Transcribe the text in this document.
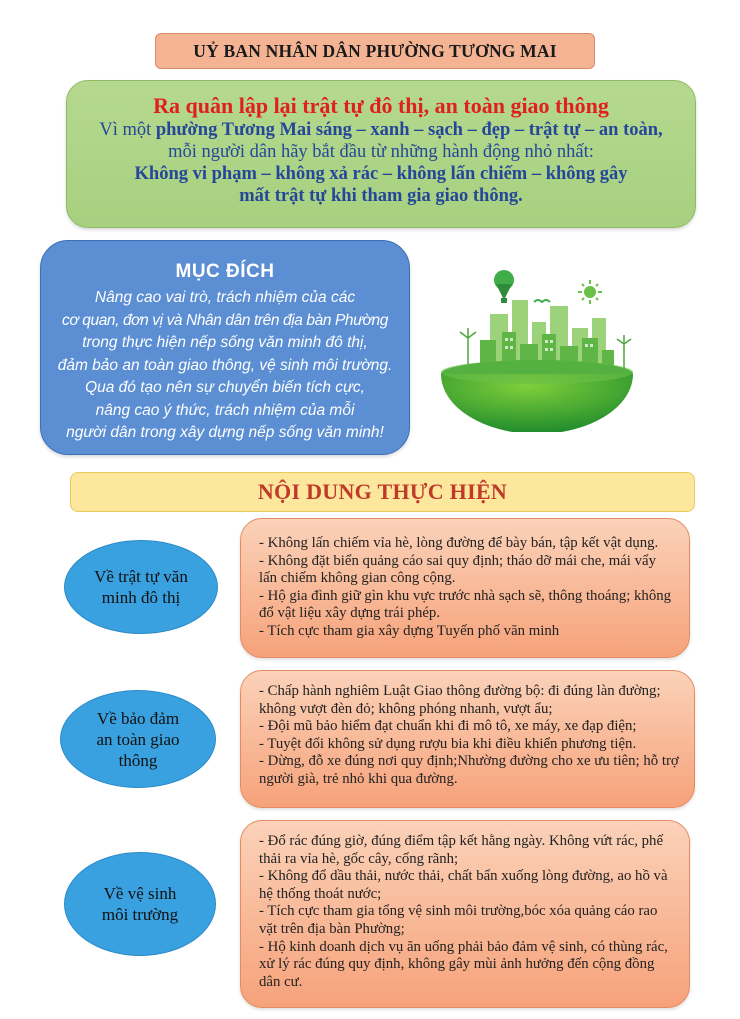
UỶ BAN NHÂN DÂN PHƯỜNG TƯƠNG MAI
Ra quân lập lại trật tự đô thị, an toàn giao thông
Vì một phường Tương Mai sáng – xanh – sạch – đẹp – trật tự – an toàn,
mỗi người dân hãy bắt đầu từ những hành động nhỏ nhất:
Không vi phạm – không xả rác – không lấn chiếm – không gây
mất trật tự khi tham gia giao thông.
MỤC ĐÍCH
Nâng cao vai trò, trách nhiệm của các
cơ quan, đơn vị và Nhân dân trên địa bàn Phường
trong thực hiện nếp sống văn minh đô thị,
đảm bảo an toàn giao thông, vệ sinh môi trường.
Qua đó tạo nên sự chuyển biến tích cực,
nâng cao ý thức, trách nhiệm của mỗi
người dân trong xây dựng nếp sống văn minh!
NỘI DUNG THỰC HIỆN
Về trật tự văn
minh đô thị
- Không lấn chiếm vỉa hè, lòng đường để bày bán, tập kết vật dụng.
- Không đặt biển quảng cáo sai quy định; tháo dỡ mái che, mái vẩy lấn chiếm không gian công cộng.
- Hộ gia đình giữ gìn khu vực trước nhà sạch sẽ, thông thoáng; không đổ vật liệu xây dựng trái phép.
- Tích cực tham gia xây dựng Tuyến phố văn minh
Về bảo đảm
an toàn giao
thông
- Chấp hành nghiêm Luật Giao thông đường bộ: đi đúng làn đường; không vượt đèn đỏ; không phóng nhanh, vượt ẩu;
- Đội mũ bảo hiểm đạt chuẩn khi đi mô tô, xe máy, xe đạp điện;
- Tuyệt đối không sử dụng rượu bia khi điều khiển phương tiện.
- Dừng, đỗ xe đúng nơi quy định;Nhường đường cho xe ưu tiên; hỗ trợ người già, trẻ nhỏ khi qua đường.
Về vệ sinh
môi trường
- Đổ rác đúng giờ, đúng điểm tập kết hằng ngày. Không vứt rác, phế thải ra vỉa hè, gốc cây, cống rãnh;
- Không đổ dầu thải, nước thải, chất bẩn xuống lòng đường, ao hồ và hệ thống thoát nước;
- Tích cực tham gia tổng vệ sinh môi trường,bóc xóa quảng cáo rao vặt trên địa bàn Phường;
- Hộ kinh doanh dịch vụ ăn uống phải bảo đảm vệ sinh, có thùng rác, xử lý rác đúng quy định, không gây mùi ảnh hưởng đến cộng đồng dân cư.
